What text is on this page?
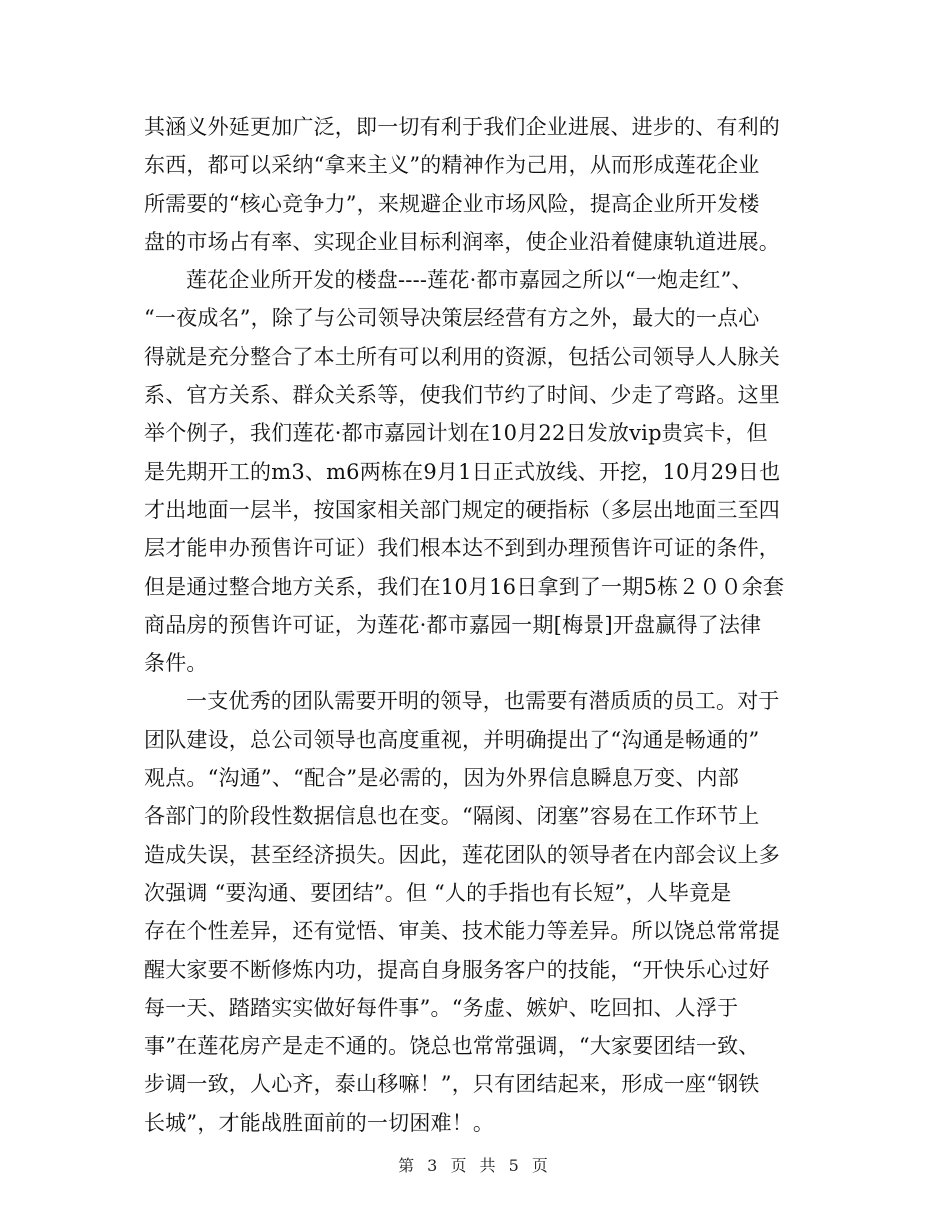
其涵义外延更加广泛，即一切有利于我们企业进展、进步的、有利的
东西，都可以采纳“拿来主义”的精神作为己用，从而形成莲花企业
所需要的“核心竞争力”，来规避企业市场风险，提高企业所开发楼
盘的市场占有率、实现企业目标利润率，使企业沿着健康轨道进展。
莲花企业所开发的楼盘----莲花·都市嘉园之所以“一炮走红”、
“一夜成名”，除了与公司领导决策层经营有方之外，最大的一点心
得就是充分整合了本土所有可以利用的资源，包括公司领导人人脉关
系、官方关系、群众关系等，使我们节约了时间、少走了弯路。这里
举个例子，我们莲花·都市嘉园计划在10月22日发放vip贵宾卡，但
是先期开工的m3、m6两栋在9月1日正式放线、开挖，10月29日也
才出地面一层半，按国家相关部门规定的硬指标（多层出地面三至四
层才能申办预售许可证）我们根本达不到到办理预售许可证的条件，
但是通过整合地方关系，我们在10月16日拿到了一期5栋２００余套
商品房的预售许可证，为莲花·都市嘉园一期[梅景]开盘赢得了法律
条件。
一支优秀的团队需要开明的领导，也需要有潜质质的员工。对于
团队建设，总公司领导也高度重视，并明确提出了“沟通是畅通的”
观点。“沟通”、“配合”是必需的，因为外界信息瞬息万变、内部
各部门的阶段性数据信息也在变。“隔阂、闭塞”容易在工作环节上
造成失误，甚至经济损失。因此，莲花团队的领导者在内部会议上多
次强调 “要沟通、要团结”。但 “人的手指也有长短”，人毕竟是
存在个性差异，还有觉悟、审美、技术能力等差异。所以饶总常常提
醒大家要不断修炼内功，提高自身服务客户的技能，“开快乐心过好
每一天、踏踏实实做好每件事”。“务虚、嫉妒、吃回扣、人浮于
事”在莲花房产是走不通的。饶总也常常强调，“大家要团结一致、
步调一致，人心齐，泰山移嘛！”，只有团结起来，形成一座“钢铁
长城”，才能战胜面前的一切困难！。
第 3 页 共 5 页
